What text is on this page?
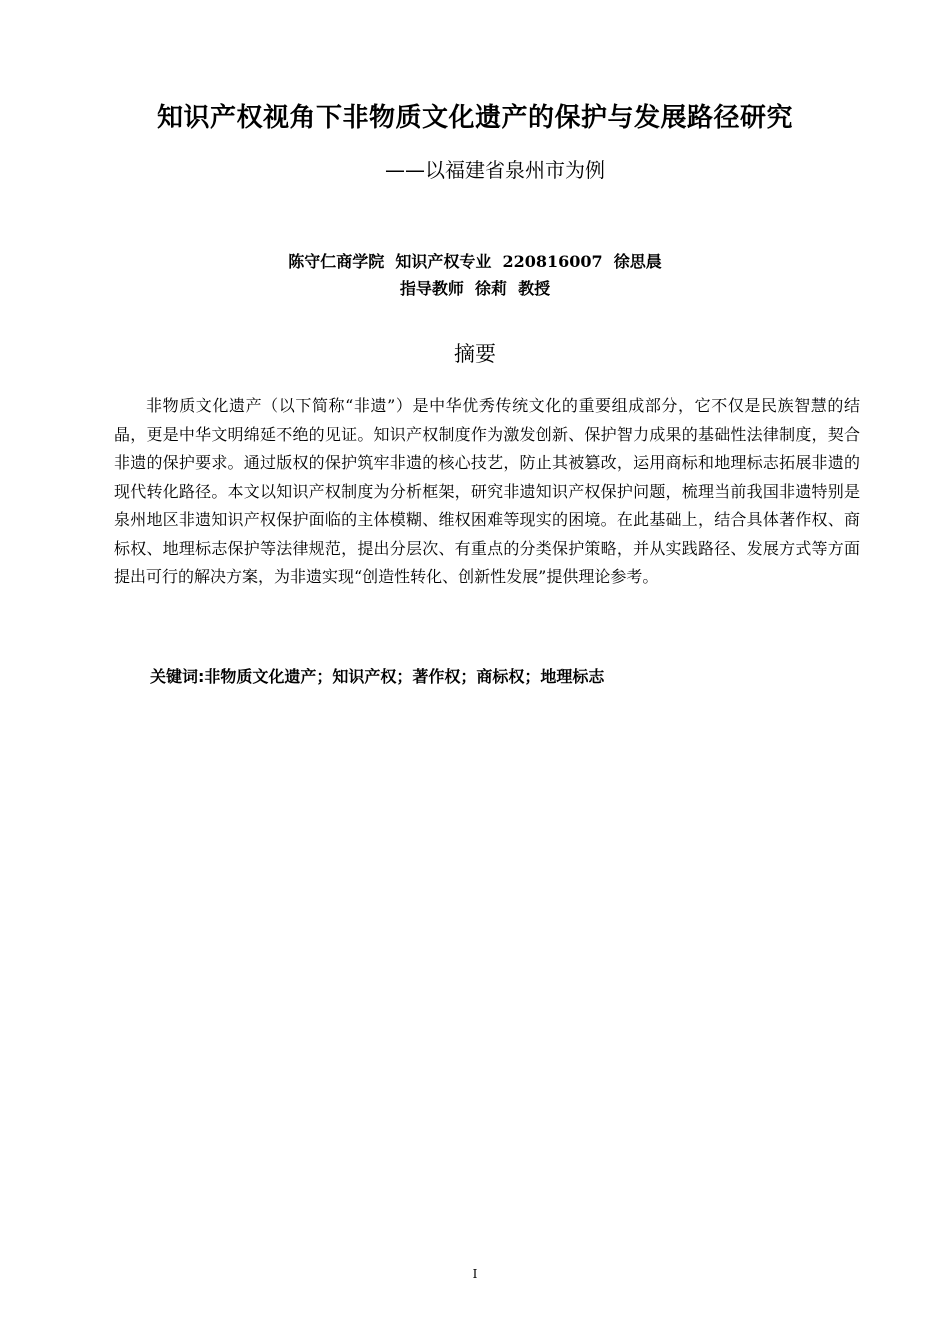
知识产权视角下非物质文化遗产的保护与发展路径研究
——以福建省泉州市为例
陈守仁商学院  知识产权专业  220816007  徐思晨
指导教师  徐莉  教授
摘要

非物质文化遗产（以下简称“非遗”）是中华优秀传统文化的重要组成部分，它不仅是民族智慧的结晶，更是中华文明绵延不绝的见证。知识产权制度作为激发创新、保护智力成果的基础性法律制度，契合非遗的保护要求。通过版权的保护筑牢非遗的核心技艺，防止其被篡改，运用商标和地理标志拓展非遗的现代转化路径。本文以知识产权制度为分析框架，研究非遗知识产权保护问题，梳理当前我国非遗特别是泉州地区非遗知识产权保护面临的主体模糊、维权困难等现实的困境。在此基础上，结合具体著作权、商标权、地理标志保护等法律规范，提出分层次、有重点的分类保护策略，并从实践路径、发展方式等方面提出可行的解决方案，为非遗实现“创造性转化、创新性发展”提供理论参考。

关键词:非物质文化遗产；知识产权；著作权；商标权；地理标志
I
